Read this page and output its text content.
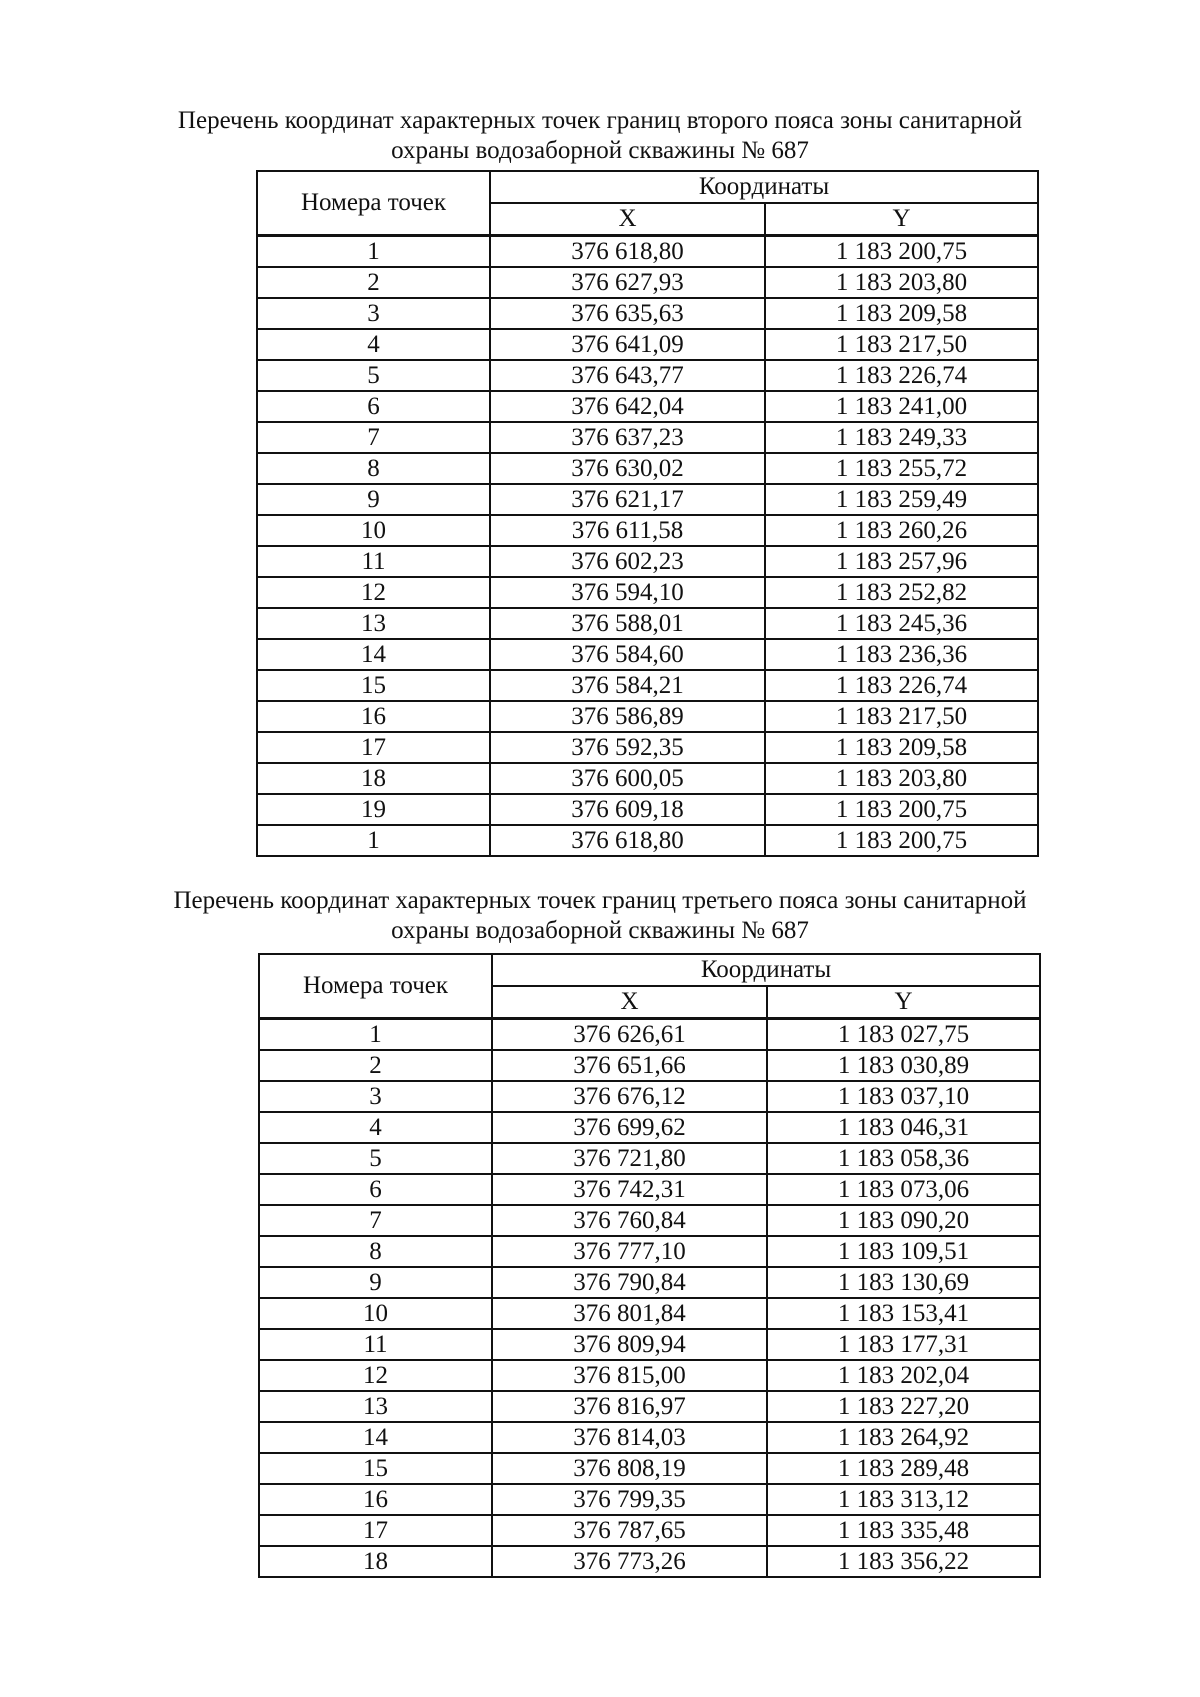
Перечень координат характерных точек границ второго пояса зоны санитарной
охраны водозаборной скважины № 687
Номера точек	Координаты	
	X	Y
1	376 618,80	1 183 200,75
2	376 627,93	1 183 203,80
3	376 635,63	1 183 209,58
4	376 641,09	1 183 217,50
5	376 643,77	1 183 226,74
6	376 642,04	1 183 241,00
7	376 637,23	1 183 249,33
8	376 630,02	1 183 255,72
9	376 621,17	1 183 259,49
10	376 611,58	1 183 260,26
11	376 602,23	1 183 257,96
12	376 594,10	1 183 252,82
13	376 588,01	1 183 245,36
14	376 584,60	1 183 236,36
15	376 584,21	1 183 226,74
16	376 586,89	1 183 217,50
17	376 592,35	1 183 209,58
18	376 600,05	1 183 203,80
19	376 609,18	1 183 200,75
1	376 618,80	1 183 200,75
Перечень координат характерных точек границ третьего пояса зоны санитарной
охраны водозаборной скважины № 687
Номера точек	Координаты	
	X	Y
1	376 626,61	1 183 027,75
2	376 651,66	1 183 030,89
3	376 676,12	1 183 037,10
4	376 699,62	1 183 046,31
5	376 721,80	1 183 058,36
6	376 742,31	1 183 073,06
7	376 760,84	1 183 090,20
8	376 777,10	1 183 109,51
9	376 790,84	1 183 130,69
10	376 801,84	1 183 153,41
11	376 809,94	1 183 177,31
12	376 815,00	1 183 202,04
13	376 816,97	1 183 227,20
14	376 814,03	1 183 264,92
15	376 808,19	1 183 289,48
16	376 799,35	1 183 313,12
17	376 787,65	1 183 335,48
18	376 773,26	1 183 356,22
